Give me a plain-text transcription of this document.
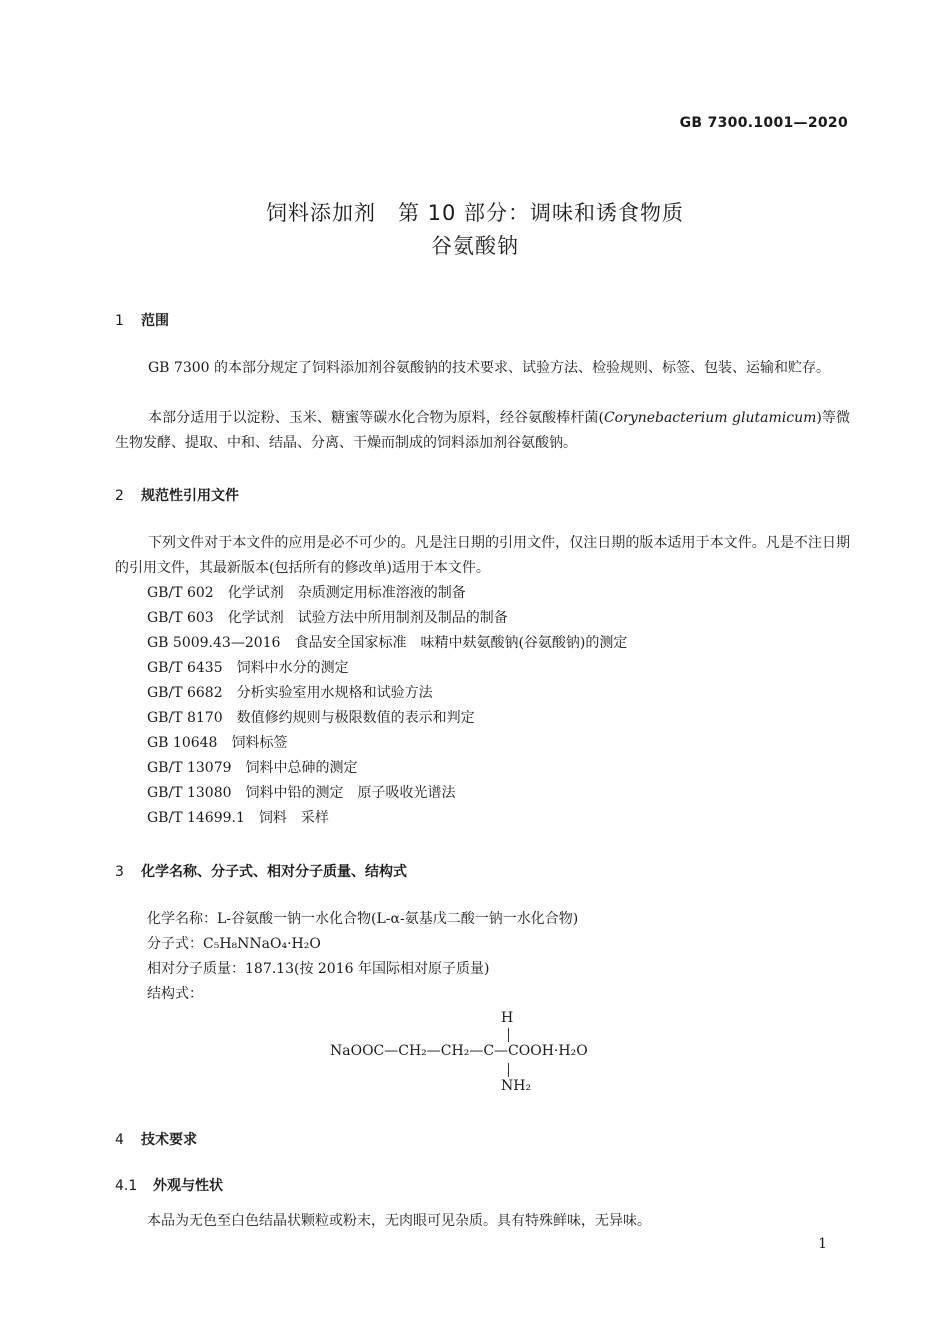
GB 7300.1001—2020
饲料添加剂　第 10 部分：调味和诱食物质
谷氨酸钠
1 范围
GB 7300 的本部分规定了饲料添加剂谷氨酸钠的技术要求、试验方法、检验规则、标签、包装、运输和贮存。
本部分适用于以淀粉、玉米、糖蜜等碳水化合物为原料，经谷氨酸棒杆菌(Corynebacterium glutamicum)等微生物发酵、提取、中和、结晶、分离、干燥而制成的饲料添加剂谷氨酸钠。
2 规范性引用文件
下列文件对于本文件的应用是必不可少的。凡是注日期的引用文件，仅注日期的版本适用于本文件。凡是不注日期的引用文件，其最新版本(包括所有的修改单)适用于本文件。
GB/T 602　化学试剂　杂质测定用标准溶液的制备
GB/T 603　化学试剂　试验方法中所用制剂及制品的制备
GB 5009.43—2016　食品安全国家标准　味精中麸氨酸钠(谷氨酸钠)的测定
GB/T 6435　饲料中水分的测定
GB/T 6682　分析实验室用水规格和试验方法
GB/T 8170　数值修约规则与极限数值的表示和判定
GB 10648　饲料标签
GB/T 13079　饲料中总砷的测定
GB/T 13080　饲料中铅的测定　原子吸收光谱法
GB/T 14699.1　饲料　采样
3 化学名称、分子式、相对分子质量、结构式
化学名称：L-谷氨酸一钠一水化合物(L-α-氨基戊二酸一钠一水化合物)
分子式：C₅H₈NNaO₄·H₂O
相对分子质量：187.13(按 2016 年国际相对原子质量)
结构式：
H
NaOOC—CH₂—CH₂—C—COOH·H₂O
NH₂
4 技术要求
4.1 外观与性状
本品为无色至白色结晶状颗粒或粉末，无肉眼可见杂质。具有特殊鲜味，无异味。
1
